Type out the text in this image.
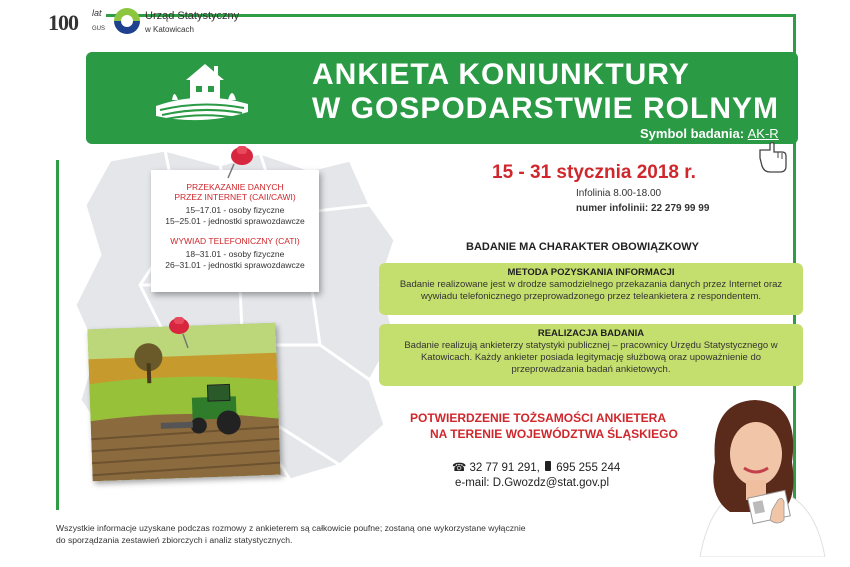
100 lat
GUS
Urząd Statystyczny
w Katowicach
ANKIETA KONIUNKTURY
W GOSPODARSTWIE ROLNYM
Symbol badania: AK-R
PRZEKAZANIE DANYCH
PRZEZ INTERNET (CAII/CAWI)
15–17.01 - osoby fizyczne
15–25.01 - jednostki sprawozdawcze
WYWIAD TELEFONICZNY (CATI)
18–31.01 - osoby fizyczne
26–31.01 - jednostki sprawozdawcze
15 - 31 stycznia 2018 r.
Infolinia 8.00-18.00
numer infolinii: 22 279 99 99
BADANIE MA CHARAKTER OBOWIĄZKOWY
METODA POZYSKANIA INFORMACJI
Badanie realizowane jest w drodze samodzielnego przekazania danych przez Internet oraz wywiadu telefonicznego przeprowadzonego przez teleankietera z respondentem.
REALIZACJA BADANIA
Badanie realizują ankieterzy statystyki publicznej – pracownicy Urzędu Statystycznego w Katowicach. Każdy ankieter posiada legitymację służbową oraz upoważnienie do przeprowadzania badań ankietowych.
POTWIERDZENIE TOŻSAMOŚCI ANKIETERA
NA TERENIE WOJEWÓDZTWA ŚLĄSKIEGO
☎ 32 77 91 291, 695 255 244
e-mail: D.Gwozdz@stat.gov.pl
Wszystkie informacje uzyskane podczas rozmowy z ankieterem są całkowicie poufne; zostaną one wykorzystane wyłącznie
do sporządzania zestawień zbiorczych i analiz statystycznych.
